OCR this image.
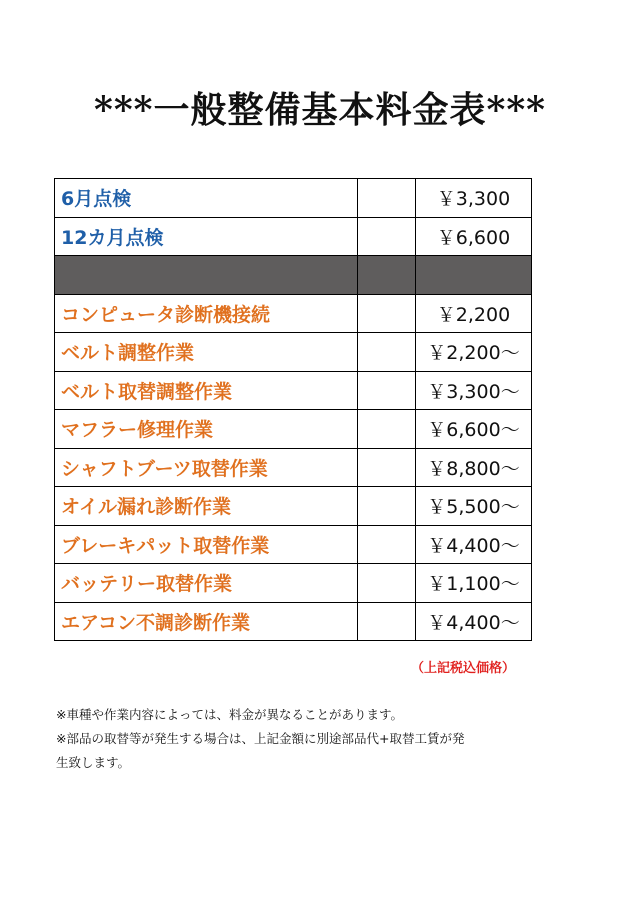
***一般整備基本料金表***
6月点検		￥3,300
12カ月点検		￥6,600

コンピュータ診断機接続		￥2,200
ベルト調整作業		￥2,200～
ベルト取替調整作業		￥3,300～
マフラー修理作業		￥6,600～
シャフトブーツ取替作業		￥8,800～
オイル漏れ診断作業		￥5,500～
ブレーキパット取替作業		￥4,400～
バッテリー取替作業		￥1,100～
エアコン不調診断作業		￥4,400～
（上記税込価格）

※車種や作業内容によっては、料金が異なることがあります。

※部品の取替等が発生する場合は、上記金額に別途部品代+取替工賃が発

生致します。
